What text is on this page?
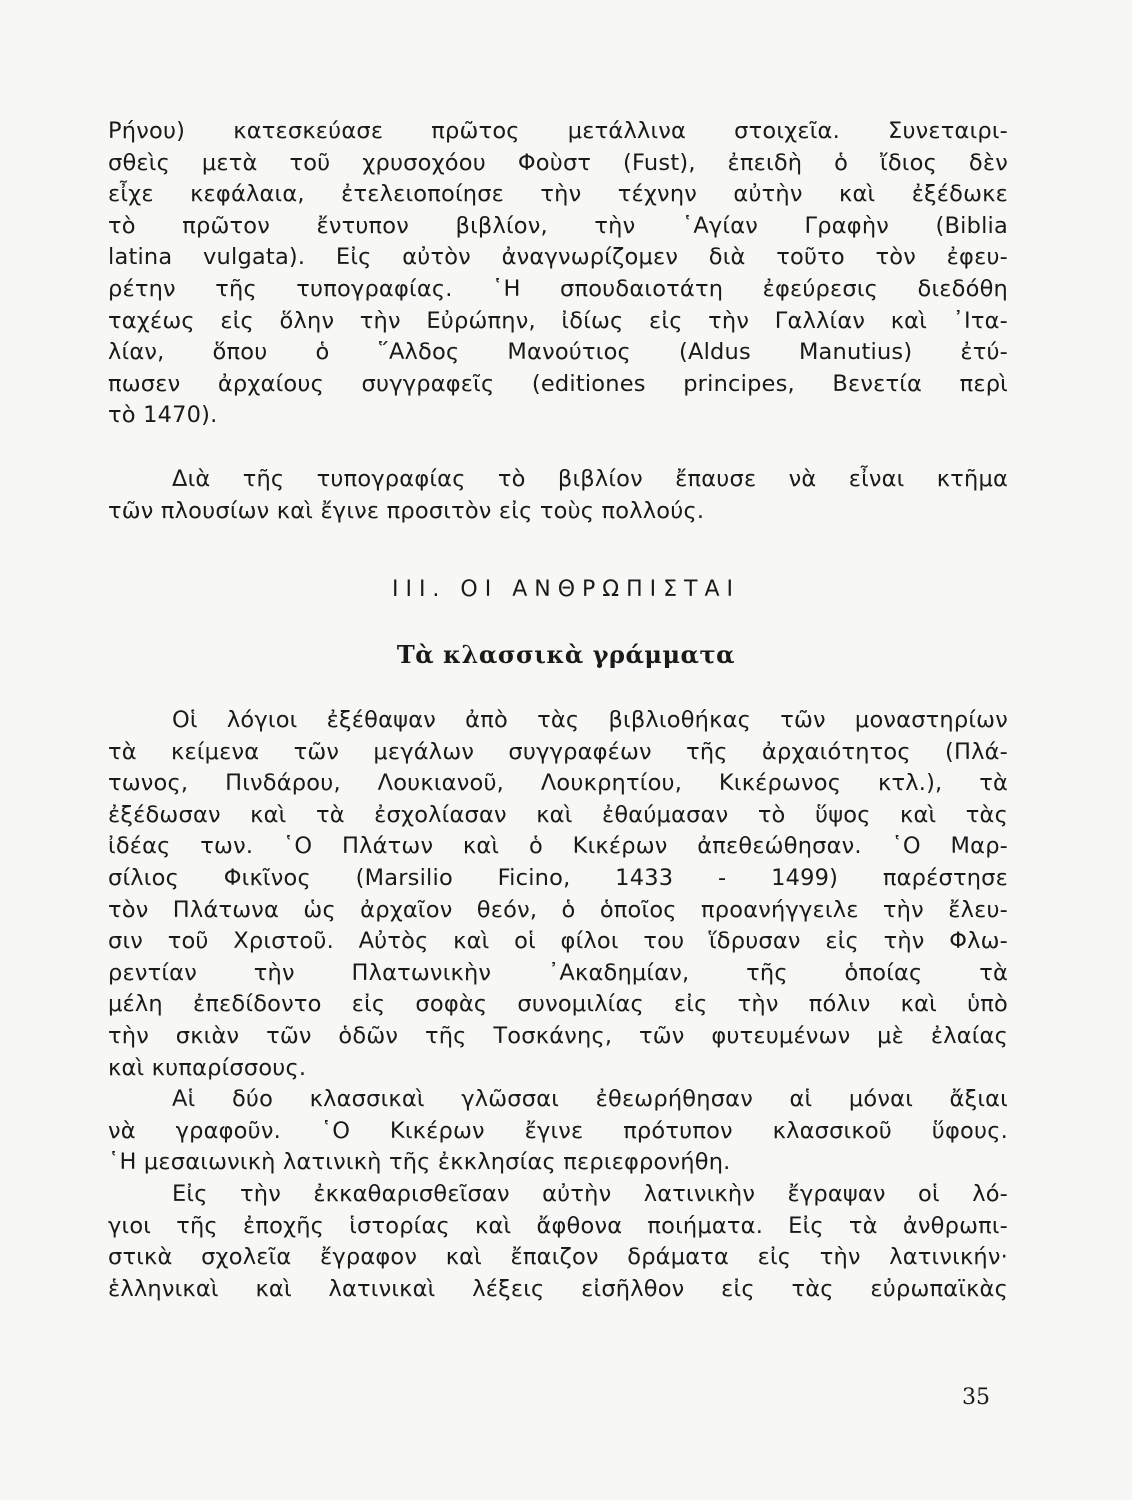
Ρήνου) κατεσκεύασε πρῶτος μετάλλινα στοιχεῖα. Συνεταιρι-
σθεὶς μετὰ τοῦ χρυσοχόου Φοὺστ (Fust), ἐπειδὴ ὁ ἴδιος δὲν
εἶχε κεφάλαια, ἐτελειοποίησε τὴν τέχνην αὐτὴν καὶ ἐξέδωκε
τὸ πρῶτον ἔντυπον βιβλίον, τὴν ῾Αγίαν Γραφὴν (Biblia
latina vulgata). Εἰς αὐτὸν ἀναγνωρίζομεν διὰ τοῦτο τὸν ἐφευ-
ρέτην τῆς τυπογραφίας. ῾Η σπουδαιοτάτη ἐφεύρεσις διεδόθη
ταχέως εἰς ὅλην τὴν Εὐρώπην, ἰδίως εἰς τὴν Γαλλίαν καὶ ᾿Ιτα-
λίαν, ὅπου ὁ ῞Αλδος Μανούτιος (Aldus Manutius) ἐτύ-
πωσεν ἀρχαίους συγγραφεῖς (editiones principes, Βενετία περὶ
τὸ 1470).
Διὰ τῆς τυπογραφίας τὸ βιβλίον ἔπαυσε νὰ εἶναι κτῆμα
τῶν πλουσίων καὶ ἔγινε προσιτὸν εἰς τοὺς πολλούς.
III. ΟΙ ΑΝΘΡΩΠΙΣΤΑΙ
Τὰ κλασσικὰ γράμματα
Οἱ λόγιοι ἐξέθαψαν ἀπὸ τὰς βιβλιοθήκας τῶν μοναστηρίων
τὰ κείμενα τῶν μεγάλων συγγραφέων τῆς ἀρχαιότητος (Πλά-
τωνος, Πινδάρου, Λουκιανοῦ, Λουκρητίου, Κικέρωνος κτλ.), τὰ
ἐξέδωσαν καὶ τὰ ἐσχολίασαν καὶ ἐθαύμασαν τὸ ὕψος καὶ τὰς
ἰδέας των. ῾Ο Πλάτων καὶ ὁ Κικέρων ἀπεθεώθησαν. ῾Ο Μαρ-
σίλιος Φικῖνος (Marsilio Ficino, 1433 - 1499) παρέστησε
τὸν Πλάτωνα ὡς ἀρχαῖον θεόν, ὁ ὁποῖος προανήγγειλε τὴν ἔλευ-
σιν τοῦ Χριστοῦ. Αὐτὸς καὶ οἱ φίλοι του ἵδρυσαν εἰς τὴν Φλω-
ρεντίαν τὴν Πλατωνικὴν ᾿Ακαδημίαν, τῆς ὁποίας τὰ
μέλη ἐπεδίδοντο εἰς σοφὰς συνομιλίας εἰς τὴν πόλιν καὶ ὑπὸ
τὴν σκιὰν τῶν ὁδῶν τῆς Τοσκάνης, τῶν φυτευμένων μὲ ἐλαίας
καὶ κυπαρίσσους.
Αἱ δύο κλασσικαὶ γλῶσσαι ἐθεωρήθησαν αἱ μόναι ἄξιαι
νὰ γραφοῦν. ῾Ο Κικέρων ἔγινε πρότυπον κλασσικοῦ ὕφους.
῾Η μεσαιωνικὴ λατινικὴ τῆς ἐκκλησίας περιεφρονήθη.
Εἰς τὴν ἐκκαθαρισθεῖσαν αὐτὴν λατινικὴν ἔγραψαν οἱ λό-
γιοι τῆς ἐποχῆς ἱστορίας καὶ ἄφθονα ποιήματα. Εἰς τὰ ἀνθρωπι-
στικὰ σχολεῖα ἔγραφον καὶ ἔπαιζον δράματα εἰς τὴν λατινικήν·
ἑλληνικαὶ καὶ λατινικαὶ λέξεις εἰσῆλθον εἰς τὰς εὐρωπαϊκὰς
35
